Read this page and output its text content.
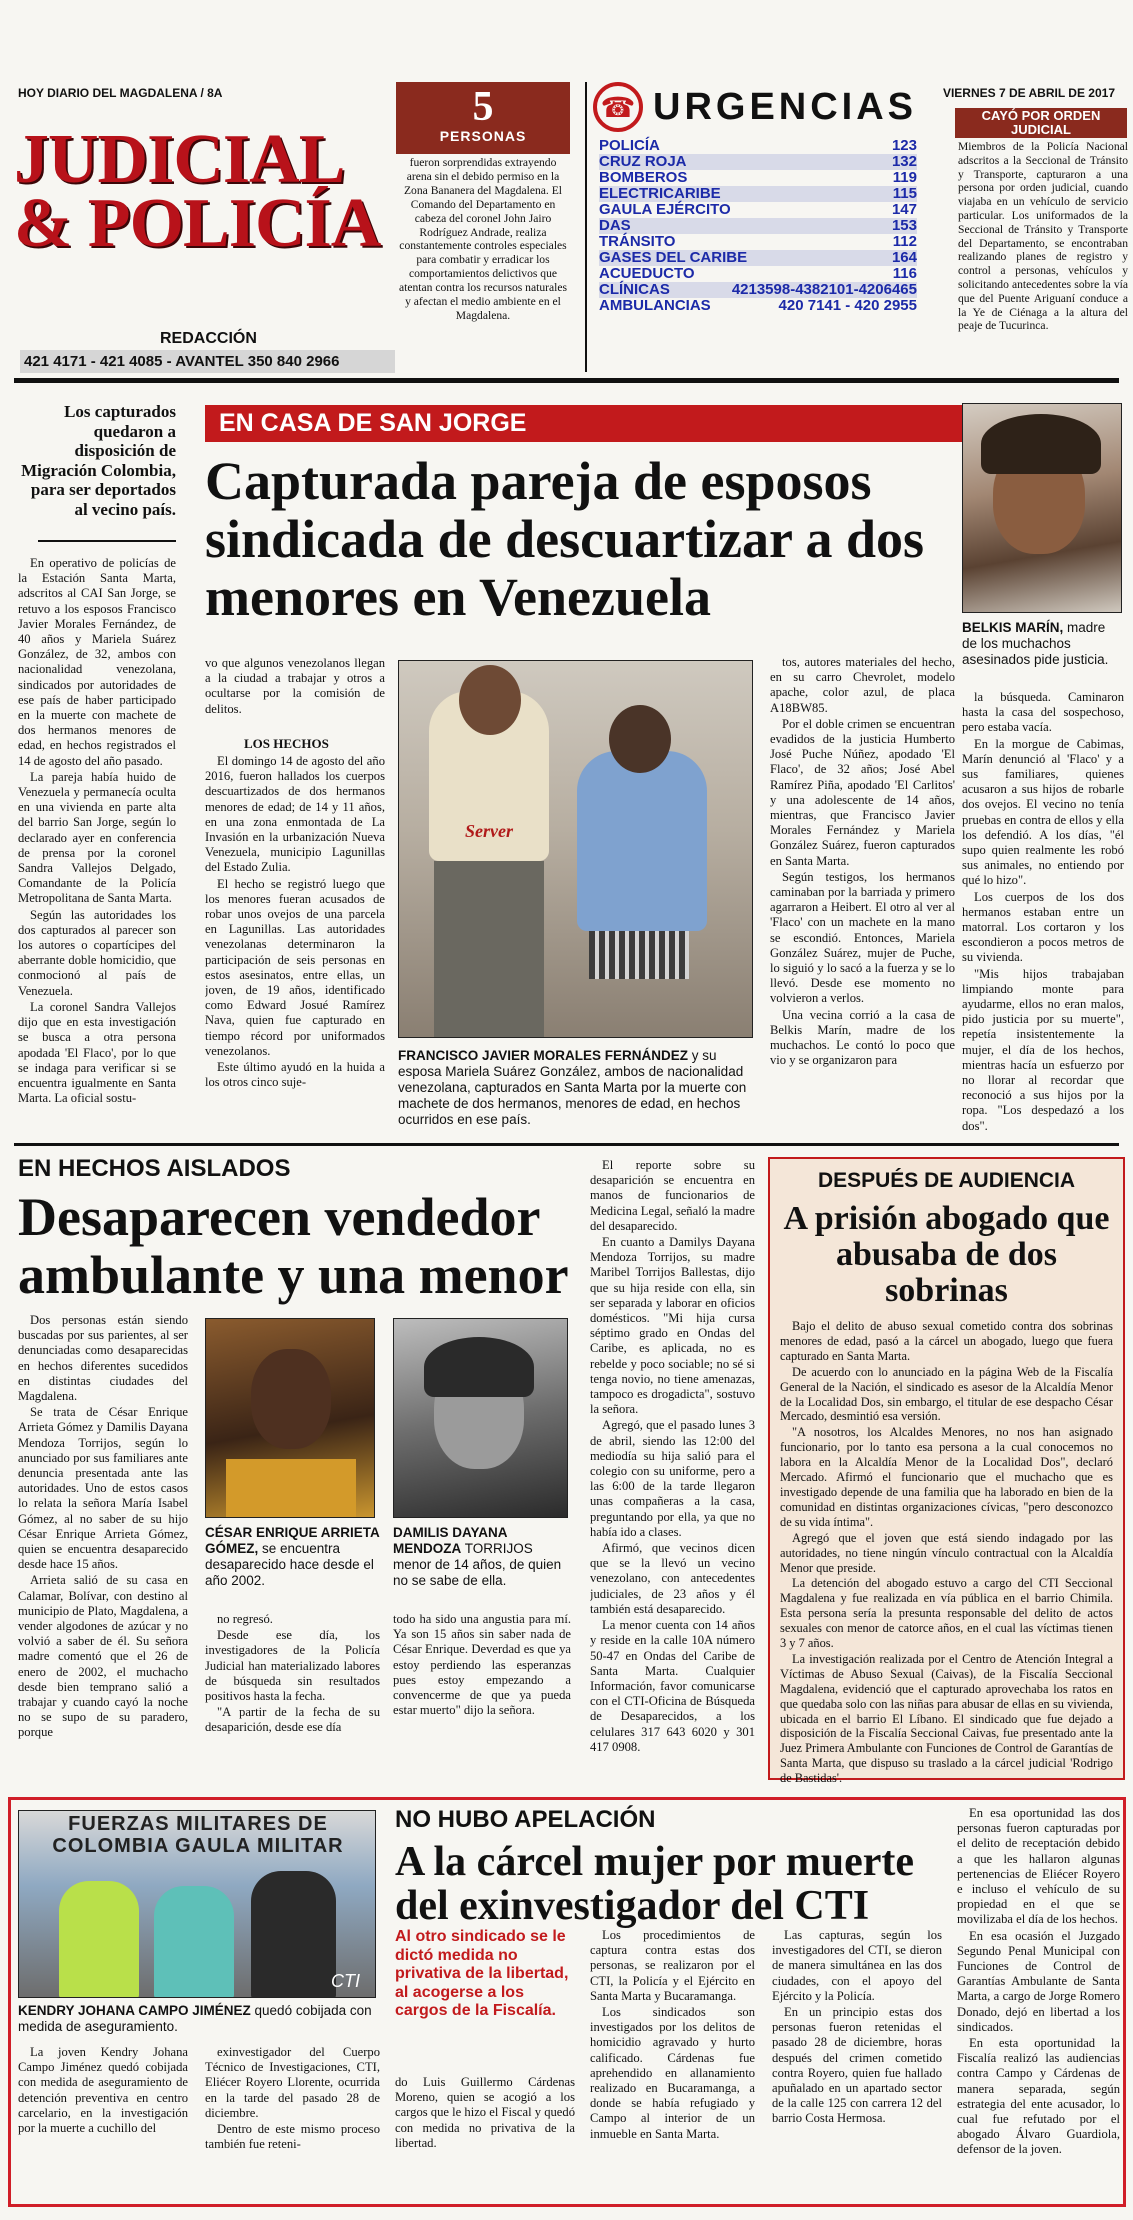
HOY DIARIO DEL MAGDALENA / 8A	VIERNES 7 DE ABRIL DE 2017
JUDICIAL
& POLICÍA
REDACCIÓN
421 4171 - 421 4085 - AVANTEL 350 840 2966
5
PERSONAS
fueron sorprendidas extrayendo arena sin el debido permiso en la Zona Bananera del Magdalena. El Comando del Departamento en cabeza del coronel John Jairo Rodríguez Andrade, realiza constantemente controles especiales para combatir y erradicar los comportamientos delictivos que atentan contra los recursos naturales y afectan el medio ambiente en el Magdalena.
☎ URGENCIAS
POLICÍA	123
CRUZ ROJA	132
BOMBEROS	119
ELECTRICARIBE	115
GAULA EJÉRCITO	147
DAS	153
TRÁNSITO	112
GASES DEL CARIBE	164
ACUEDUCTO	116
CLÍNICAS	4213598-4382101-4206465
AMBULANCIAS	420 7141 - 420 2955
CAYÓ POR ORDEN JUDICIAL
Miembros de la Policía Nacional adscritos a la Seccional de Tránsito y Transporte, capturaron a una persona por orden judicial, cuando viajaba en un vehículo de servicio particular. Los uniformados de la Seccional de Tránsito y Transporte del Departamento, se encontraban realizando planes de registro y control a personas, vehículos y solicitando antecedentes sobre la vía que del Puente Ariguaní conduce a la Ye de Ciénaga a la altura del peaje de Tucurinca.
Los capturados quedaron a disposición de Migración Colombia, para ser deportados al vecino país.

En operativo de policías de la Estación Santa Marta, adscritos al CAI San Jorge, se retuvo a los esposos Francisco Javier Morales Fernández, de 40 años y Mariela Suárez González, de 32, ambos con nacionalidad venezolana, sindicados por autoridades de ese país de haber participado en la muerte con machete de dos hermanos menores de edad, en hechos registrados el 14 de agosto del año pasado.

La pareja había huido de Venezuela y permanecía oculta en una vivienda en parte alta del barrio San Jorge, según lo declarado ayer en conferencia de prensa por la coronel Sandra Vallejos Delgado, Comandante de la Policía Metropolitana de Santa Marta.

Según las autoridades los dos capturados al parecer son los autores o copartícipes del aberrante doble homicidio, que conmocionó al país de Venezuela.

La coronel Sandra Vallejos dijo que en esta investigación se busca a otra persona apodada 'El Flaco', por lo que se indaga para verificar si se encuentra igualmente en Santa Marta. La oficial sostu-

EN CASA DE SAN JORGE
Capturada pareja de esposos sindicada de descuartizar a dos menores en Venezuela
vo que algunos venezolanos llegan a la ciudad a trabajar y otros a ocultarse por la comisión de delitos.
LOS HECHOS

El domingo 14 de agosto del año 2016, fueron hallados los cuerpos descuartizados de dos hermanos menores de edad; de 14 y 11 años, en una zona enmontada de La Invasión en la urbanización Nueva Venezuela, municipio Lagunillas del Estado Zulia.

El hecho se registró luego que los menores fueran acusados de robar unos ovejos de una parcela en Lagunillas. Las autoridades venezolanas determinaron la participación de seis personas en estos asesinatos, entre ellas, un joven, de 19 años, identificado como Edward Josué Ramírez Nava, quien fue capturado en tiempo récord por uniformados venezolanos.

Este último ayudó en la huida a los otros cinco suje-

Server
FRANCISCO JAVIER MORALES FERNÁNDEZ y su esposa Mariela Suárez González, ambos de nacionalidad venezolana, capturados en Santa Marta por la muerte con machete de dos hermanos, menores de edad, en hechos ocurridos en ese país.

tos, autores materiales del hecho, en su carro Chevrolet, modelo apache, color azul, de placa A18BW85.

Por el doble crimen se encuentran evadidos de la justicia Humberto José Puche Núñez, apodado 'El Flaco', de 32 años; José Abel Ramírez Piña, apodado 'El Carlitos' y una adolescente de 14 años, mientras, que Francisco Javier Morales Fernández y Mariela González Suárez, fueron capturados en Santa Marta.

Según testigos, los hermanos caminaban por la barriada y primero agarraron a Heibert. El otro al ver al 'Flaco' con un machete en la mano se escondió. Entonces, Mariela González Suárez, mujer de Puche, lo siguió y lo sacó a la fuerza y se lo llevó. Desde ese momento no volvieron a verlos.

Una vecina corrió a la casa de Belkis Marín, madre de los muchachos. Le contó lo poco que vio y se organizaron para

BELKIS MARÍN, madre de los muchachos asesinados pide justicia.

la búsqueda. Caminaron hasta la casa del sospechoso, pero estaba vacía.

En la morgue de Cabimas, Marín denunció al 'Flaco' y a sus familiares, quienes acusaron a sus hijos de robarle dos ovejos. El vecino no tenía pruebas en contra de ellos y ella los defendió. A los días, "él supo quien realmente les robó sus animales, no entiendo por qué lo hizo".

Los cuerpos de los dos hermanos estaban entre un matorral. Los cortaron y los escondieron a pocos metros de su vivienda.

"Mis hijos trabajaban limpiando monte para ayudarme, ellos no eran malos, pido justicia por su muerte", repetía insistentemente la mujer, el día de los hechos, mientras hacía un esfuerzo por no llorar al recordar que reconoció a sus hijos por la ropa. "Los despedazó a los dos".

EN HECHOS AISLADOS
Desaparecen vendedor ambulante y una menor

Dos personas están siendo buscadas por sus parientes, al ser denunciadas como desaparecidas en hechos diferentes sucedidos en distintas ciudades del Magdalena.

Se trata de César Enrique Arrieta Gómez y Damilis Dayana Mendoza Torrijos, según lo anunciado por sus familiares ante denuncia presentada ante las autoridades. Uno de estos casos lo relata la señora María Isabel Gómez, al no saber de su hijo César Enrique Arrieta Gómez, quien se encuentra desaparecido desde hace 15 años.

Arrieta salió de su casa en Calamar, Bolívar, con destino al municipio de Plato, Magdalena, a vender algodones de azúcar y no volvió a saber de él. Su señora madre comentó que el 26 de enero de 2002, el muchacho desde bien temprano salió a trabajar y cuando cayó la noche no se supo de su paradero, porque

CÉSAR ENRIQUE ARRIETA GÓMEZ, se encuentra desaparecido hace desde el año 2002.

no regresó.

Desde ese día, los investigadores de la Policía Judicial han materializado labores de búsqueda sin resultados positivos hasta la fecha.

"A partir de la fecha de su desaparición, desde ese día

DAMILIS DAYANA MENDOZA TORRIJOS menor de 14 años, de quien no se sabe de ella.
todo ha sido una angustia para mí. Ya son 15 años sin saber nada de César Enrique. Deverdad es que ya estoy perdiendo las esperanzas pues estoy empezando a convencerme de que ya pueda estar muerto" dijo la señora.

El reporte sobre su desaparición se encuentra en manos de funcionarios de Medicina Legal, señaló la madre del desaparecido.

En cuanto a Damilys Dayana Mendoza Torrijos, su madre Maribel Torrijos Ballestas, dijo que su hija reside con ella, sin ser separada y laborar en oficios domésticos. "Mi hija cursa séptimo grado en Ondas del Caribe, es aplicada, no es rebelde y poco sociable; no sé si tenga novio, no tiene amenazas, tampoco es drogadicta", sostuvo la señora.

Agregó, que el pasado lunes 3 de abril, siendo las 12:00 del mediodía su hija salió para el colegio con su uniforme, pero a las 6:00 de la tarde llegaron unas compañeras a la casa, preguntando por ella, ya que no había ido a clases.

Afirmó, que vecinos dicen que se la llevó un vecino venezolano, con antecedentes judiciales, de 23 años y él también está desaparecido.

La menor cuenta con 14 años y reside en la calle 10A número 50-47 en Ondas del Caribe de Santa Marta. Cualquier Información, favor comunicarse con el CTI-Oficina de Búsqueda de Desaparecidos, a los celulares 317 643 6020 y 301 417 0908.

DESPUÉS DE AUDIENCIA
A prisión abogado que abusaba de dos sobrinas

Bajo el delito de abuso sexual cometido contra dos sobrinas menores de edad, pasó a la cárcel un abogado, luego que fuera capturado en Santa Marta.

De acuerdo con lo anunciado en la página Web de la Fiscalía General de la Nación, el sindicado es asesor de la Alcaldía Menor de la Localidad Dos, sin embargo, el titular de ese despacho César Mercado, desmintió esa versión.

"A nosotros, los Alcaldes Menores, no nos han asignado funcionario, por lo tanto esa persona a la cual conocemos no labora en la Alcaldía Menor de la Localidad Dos", declaró Mercado. Afirmó el funcionario que el muchacho que es investigado depende de una familia que ha laborado en bien de la comunidad en distintas organizaciones cívicas, "pero desconozco de su vida íntima".

Agregó que el joven que está siendo indagado por las autoridades, no tiene ningún vínculo contractual con la Alcaldía Menor que preside.

La detención del abogado estuvo a cargo del CTI Seccional Magdalena y fue realizada en vía pública en el barrio Chimila. Esta persona sería la presunta responsable del delito de actos sexuales con menor de catorce años, en el cual las víctimas tienen 3 y 7 años.

La investigación realizada por el Centro de Atención Integral a Víctimas de Abuso Sexual (Caivas), de la Fiscalía Seccional Magdalena, evidenció que el capturado aprovechaba los ratos en que quedaba solo con las niñas para abusar de ellas en su vivienda, ubicada en el barrio El Líbano. El sindicado que fue dejado a disposición de la Fiscalía Seccional Caivas, fue presentado ante la Juez Primera Ambulante con Funciones de Control de Garantías de Santa Marta, que dispuso su traslado a la cárcel judicial 'Rodrigo de Bastidas'.

FUERZAS MILITARES DE COLOMBIA GAULA MILITAR
CTI
KENDRY JOHANA CAMPO JIMÉNEZ quedó cobijada con medida de aseguramiento.

La joven Kendry Johana Campo Jiménez quedó cobijada con medida de aseguramiento de detención preventiva en centro carcelario, en la investigación por la muerte a cuchillo del

exinvestigador del Cuerpo Técnico de Investigaciones, CTI, Eliécer Royero Llorente, ocurrida en la tarde del pasado 28 de diciembre.

Dentro de este mismo proceso también fue reteni-

NO HUBO APELACIÓN
A la cárcel mujer por muerte del exinvestigador del CTI
Al otro sindicado se le dictó medida no privativa de la libertad, al acogerse a los cargos de la Fiscalía.
do Luis Guillermo Cárdenas Moreno, quien se acogió a los cargos que le hizo el Fiscal y quedó con medida no privativa de la libertad.

Los procedimientos de captura contra estas dos personas, se realizaron por el CTI, la Policía y el Ejército en Santa Marta y Bucaramanga.

Los sindicados son investigados por los delitos de homicidio agravado y hurto calificado. Cárdenas fue aprehendido en allanamiento realizado en Bucaramanga, a donde se había refugiado y Campo al interior de un inmueble en Santa Marta.

Las capturas, según los investigadores del CTI, se dieron de manera simultánea en las dos ciudades, con el apoyo del Ejército y la Policía.

En un principio estas dos personas fueron retenidas el pasado 28 de diciembre, horas después del crimen cometido contra Royero, quien fue hallado apuñalado en un apartado sector de la calle 125 con carrera 12 del barrio Costa Hermosa.

En esa oportunidad las dos personas fueron capturadas por el delito de receptación debido a que les hallaron algunas pertenencias de Eliécer Royero e incluso el vehículo de su propiedad en el que se movilizaba el día de los hechos.

En esa ocasión el Juzgado Segundo Penal Municipal con Funciones de Control de Garantías Ambulante de Santa Marta, a cargo de Jorge Romero Donado, dejó en libertad a los sindicados.

En esta oportunidad la Fiscalía realizó las audiencias contra Campo y Cárdenas de manera separada, según estrategia del ente acusador, lo cual fue refutado por el abogado Álvaro Guardiola, defensor de la joven.
